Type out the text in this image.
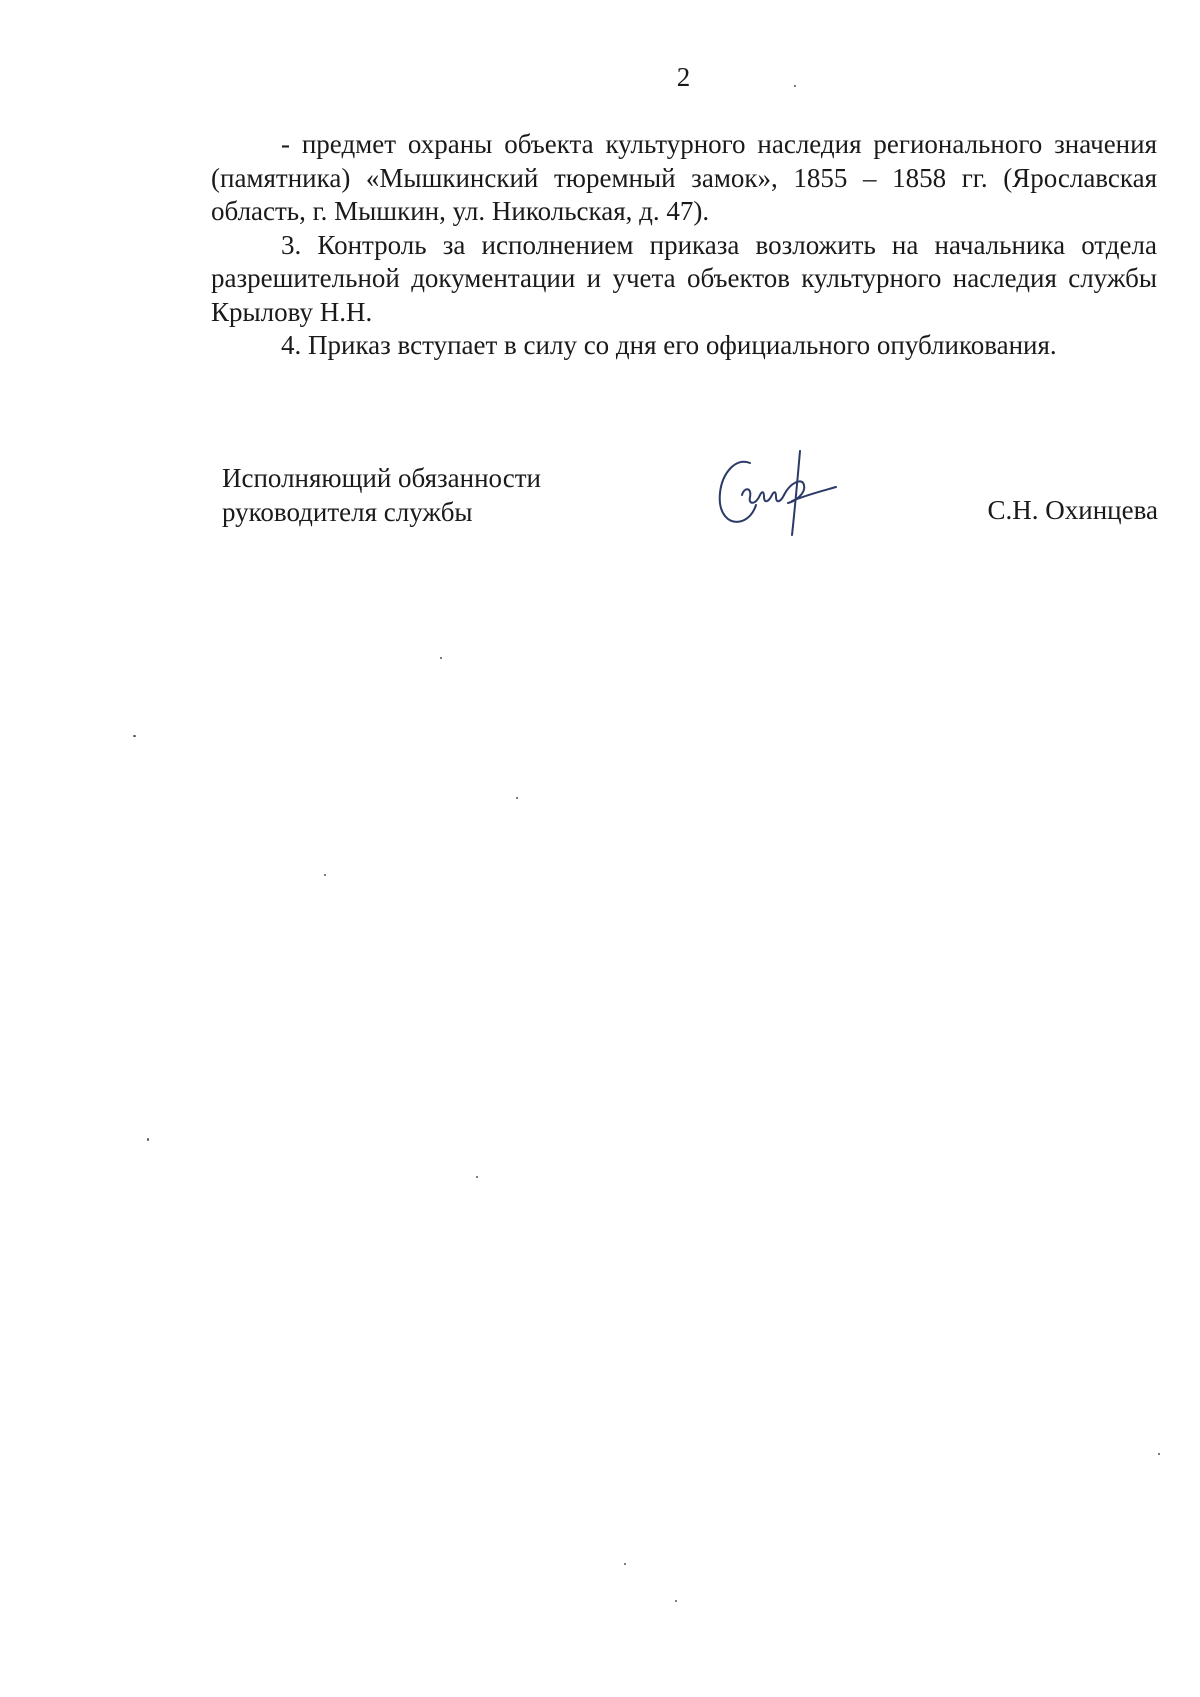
2

- предмет охраны объекта культурного наследия регионального значения (памятника) «Мышкинский тюремный замок», 1855 – 1858 гг. (Ярославская область, г. Мышкин, ул. Никольская, д. 47).

3. Контроль за исполнением приказа возложить на начальника отдела разрешительной документации и учета объектов культурного наследия службы Крылову Н.Н.

4. Приказ вступает в силу со дня его официального опубликования.

Исполняющий обязанности
руководителя службы	С.Н. Охинцева
